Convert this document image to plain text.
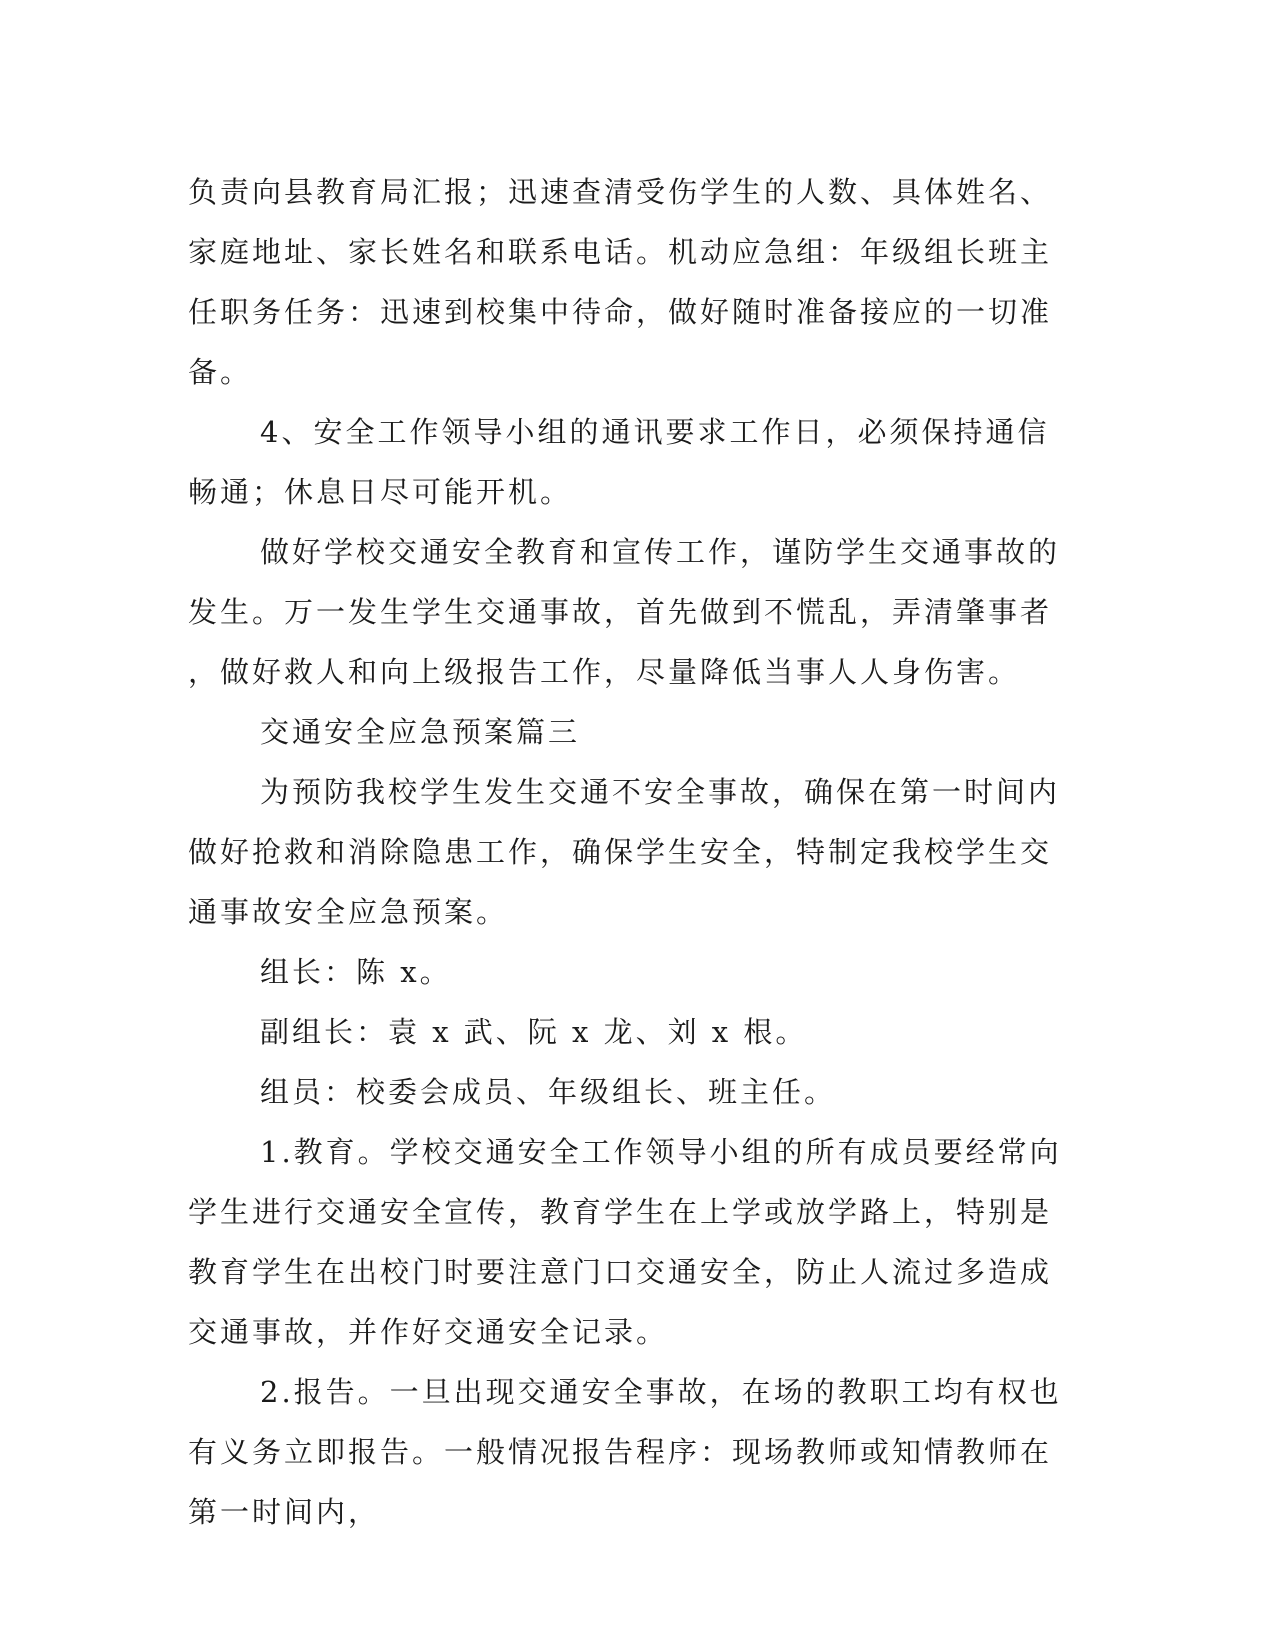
负责向县教育局汇报；迅速查清受伤学生的人数、具体姓名、家庭地址、家长姓名和联系电话。机动应急组：年级组长班主任职务任务：迅速到校集中待命，做好随时准备接应的一切准备。

4、安全工作领导小组的通讯要求工作日，必须保持通信畅通；休息日尽可能开机。

做好学校交通安全教育和宣传工作，谨防学生交通事故的发生。万一发生学生交通事故，首先做到不慌乱，弄清肇事者，做好救人和向上级报告工作，尽量降低当事人人身伤害。

交通安全应急预案篇三

为预防我校学生发生交通不安全事故，确保在第一时间内做好抢救和消除隐患工作，确保学生安全，特制定我校学生交通事故安全应急预案。

组长：陈 x。

副组长：袁 x 武、阮 x 龙、刘 x 根。

组员：校委会成员、年级组长、班主任。

1.教育。学校交通安全工作领导小组的所有成员要经常向学生进行交通安全宣传，教育学生在上学或放学路上，特别是教育学生在出校门时要注意门口交通安全，防止人流过多造成交通事故，并作好交通安全记录。

2.报告。一旦出现交通安全事故，在场的教职工均有权也有义务立即报告。一般情况报告程序：现场教师或知情教师在第一时间内，
